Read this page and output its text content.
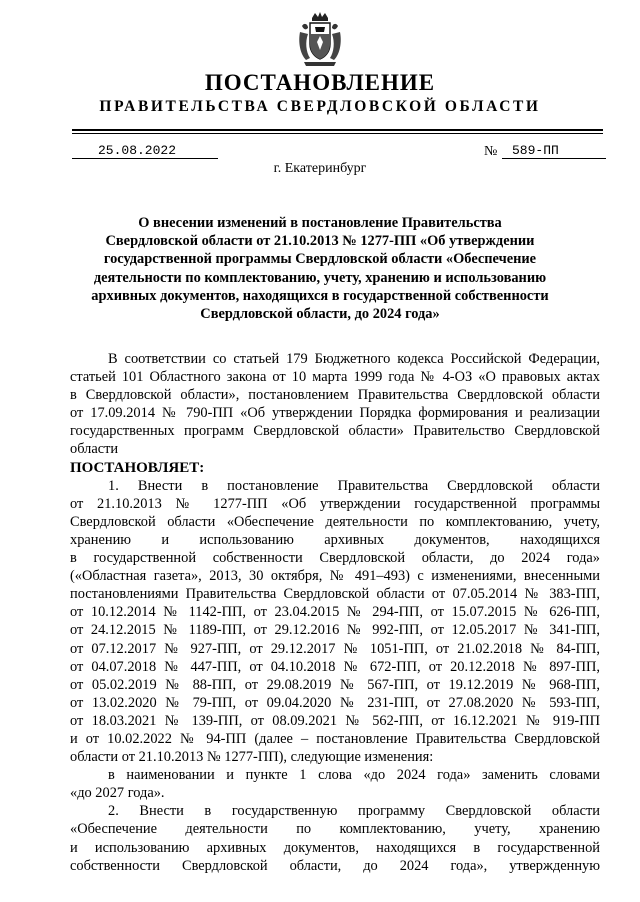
ПОСТАНОВЛЕНИЕ
ПРАВИТЕЛЬСТВА СВЕРДЛОВСКОЙ ОБЛАСТИ
25.08.2022	№	589-ПП
г. Екатеринбург
О внесении изменений в постановление Правительства
Свердловской области от 21.10.2013 № 1277-ПП «Об утверждении
государственной программы Свердловской области «Обеспечение
деятельности по комплектованию, учету, хранению и использованию
архивных документов, находящихся в государственной собственности
Свердловской области, до 2024 года»
В соответствии со статьей 179 Бюджетного кодекса Российской Федерации,
статьей 101 Областного закона от 10 марта 1999 года № 4-ОЗ «О правовых актах
в Свердловской области», постановлением Правительства Свердловской области
от 17.09.2014 № 790-ПП «Об утверждении Порядка формирования и реализации
государственных программ Свердловской области» Правительство Свердловской
области
ПОСТАНОВЛЯЕТ:
1. Внести в постановление Правительства Свердловской области
от 21.10.2013 № 1277-ПП «Об утверждении государственной программы
Свердловской области «Обеспечение деятельности по комплектованию, учету,
хранению и использованию архивных документов, находящихся
в государственной собственности Свердловской области, до 2024 года»
(«Областная газета», 2013, 30 октября, № 491–493) с изменениями, внесенными
постановлениями Правительства Свердловской области от 07.05.2014 № 383-ПП,
от 10.12.2014 № 1142-ПП, от 23.04.2015 № 294-ПП, от 15.07.2015 № 626-ПП,
от 24.12.2015 № 1189-ПП, от 29.12.2016 № 992-ПП, от 12.05.2017 № 341-ПП,
от 07.12.2017 № 927-ПП, от 29.12.2017 № 1051-ПП, от 21.02.2018 № 84-ПП,
от 04.07.2018 № 447-ПП, от 04.10.2018 № 672-ПП, от 20.12.2018 № 897-ПП,
от 05.02.2019 № 88-ПП, от 29.08.2019 № 567-ПП, от 19.12.2019 № 968-ПП,
от 13.02.2020 № 79-ПП, от 09.04.2020 № 231-ПП, от 27.08.2020 № 593-ПП,
от 18.03.2021 № 139-ПП, от 08.09.2021 № 562-ПП, от 16.12.2021 № 919-ПП
и от 10.02.2022 № 94-ПП (далее – постановление Правительства Свердловской
области от 21.10.2013 № 1277-ПП), следующие изменения:
в наименовании и пункте 1 слова «до 2024 года» заменить словами
«до 2027 года».
2. Внести в государственную программу Свердловской области
«Обеспечение деятельности по комплектованию, учету, хранению
и использованию архивных документов, находящихся в государственной
собственности Свердловской области, до 2024 года», утвержденную
